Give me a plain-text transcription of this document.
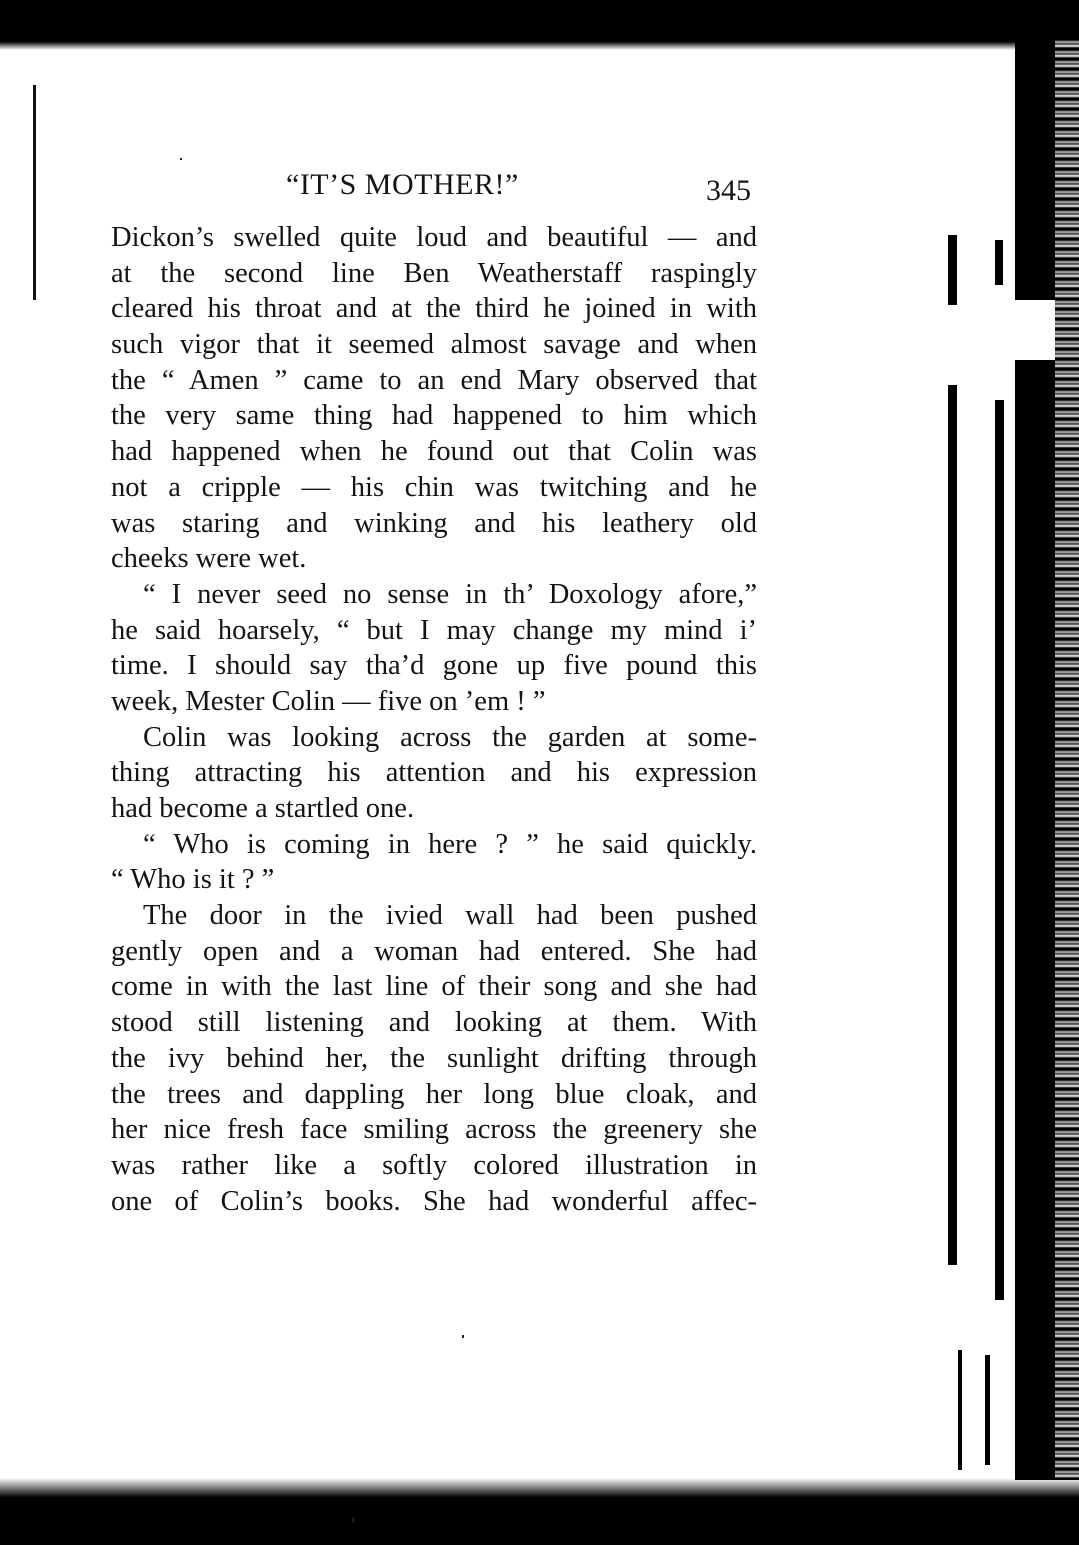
“IT’S MOTHER!”	345
Dickon’s swelled quite loud and beautiful — and
at the second line Ben Weatherstaff raspingly
cleared his throat and at the third he joined in with
such vigor that it seemed almost savage and when
the “ Amen ” came to an end Mary observed that
the very same thing had happened to him which
had happened when he found out that Colin was
not a cripple — his chin was twitching and he
was staring and winking and his leathery old
cheeks were wet.
“ I never seed no sense in th’ Doxology afore,”
he said hoarsely, “ but I may change my mind i’
time. I should say tha’d gone up five pound this
week, Mester Colin — five on ’em ! ”
Colin was looking across the garden at some-
thing attracting his attention and his expression
had become a startled one.
“ Who is coming in here ? ” he said quickly.
“ Who is it ? ”
The door in the ivied wall had been pushed
gently open and a woman had entered. She had
come in with the last line of their song and she had
stood still listening and looking at them. With
the ivy behind her, the sunlight drifting through
the trees and dappling her long blue cloak, and
her nice fresh face smiling across the greenery she
was rather like a softly colored illustration in
one of Colin’s books. She had wonderful affec-
